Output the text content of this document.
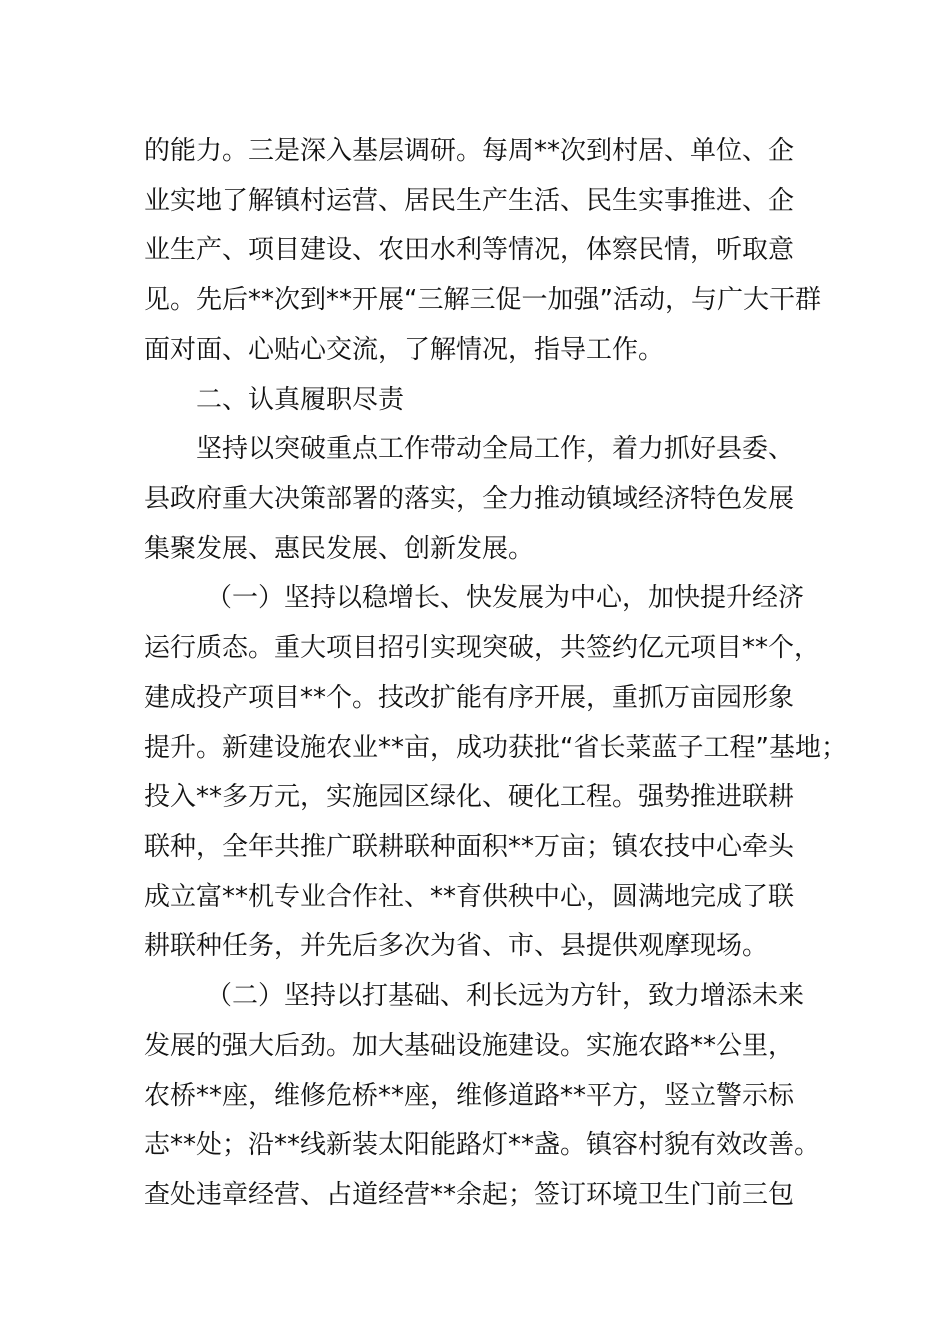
的能力。三是深入基层调研。每周**次到村居、单位、企
业实地了解镇村运营、居民生产生活、民生实事推进、企
业生产、项目建设、农田水利等情况，体察民情，听取意
见。先后**次到**开展“三解三促一加强”活动，与广大干群
面对面、心贴心交流，了解情况，指导工作。
二、认真履职尽责
坚持以突破重点工作带动全局工作，着力抓好县委、
县政府重大决策部署的落实，全力推动镇域经济特色发展
集聚发展、惠民发展、创新发展。
（一）坚持以稳增长、快发展为中心，加快提升经济
运行质态。重大项目招引实现突破，共签约亿元项目**个，
建成投产项目**个。技改扩能有序开展，重抓万亩园形象
提升。新建设施农业**亩，成功获批“省长菜蓝子工程”基地；
投入**多万元，实施园区绿化、硬化工程。强势推进联耕
联种，全年共推广联耕联种面积**万亩；镇农技中心牵头
成立富**机专业合作社、**育供秧中心，圆满地完成了联
耕联种任务，并先后多次为省、市、县提供观摩现场。
（二）坚持以打基础、利长远为方针，致力增添未来
发展的强大后劲。加大基础设施建设。实施农路**公里，
农桥**座，维修危桥**座，维修道路**平方，竖立警示标
志**处；沿**线新装太阳能路灯**盏。镇容村貌有效改善。
查处违章经营、占道经营**余起；签订环境卫生门前三包
